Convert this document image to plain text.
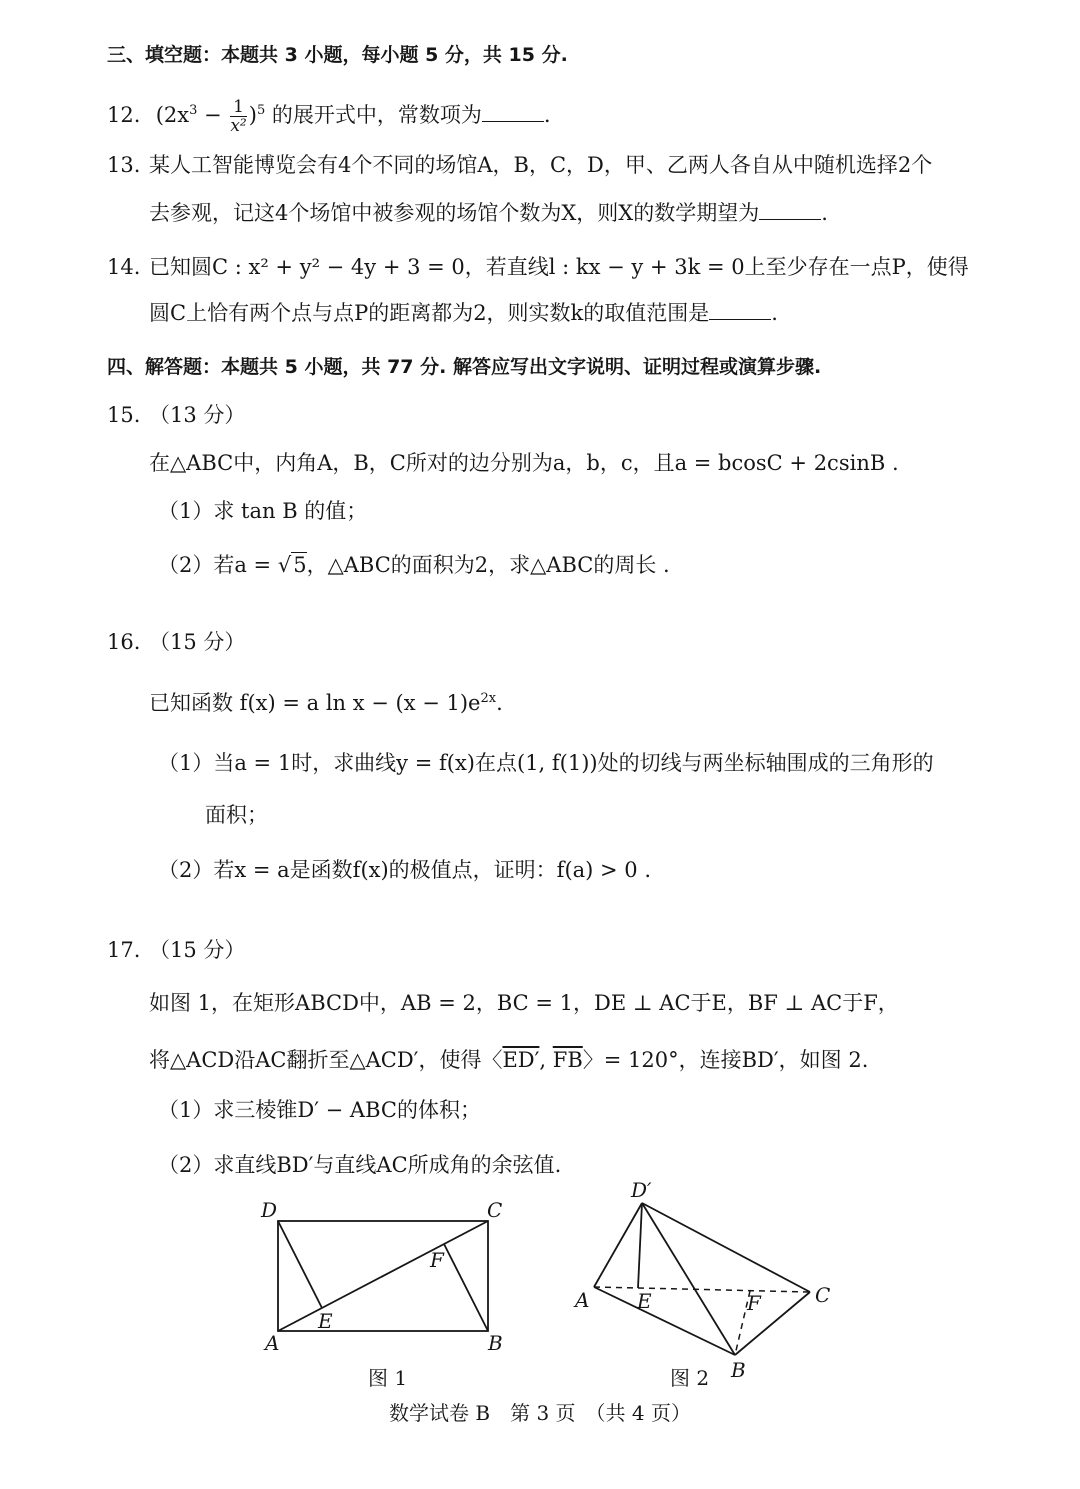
三、填空题：本题共 3 小题，每小题 5 分，共 15 分.
12. $(2x^3 - \frac{1}{\text{x²}} )^5$ 的展开式中，常数项为	.
13. 某人工智能博览会有4个不同的场馆A，B，C，D，甲、乙两人各自从中随机选择2个
去参观，记这4个场馆中被参观的场馆个数为X，则X的数学期望为	.
14. 已知圆C : x² + y² − 4y + 3 = 0，若直线l : kx − y + 3k = 0上至少存在一点P，使得
圆C上恰有两个点与点P的距离都为2，则实数k的取值范围是	.
四、解答题：本题共 5 小题，共 77 分. 解答应写出文字说明、证明过程或演算步骤.
15. （13 分）
在△ABC中，内角A，B，C所对的边分别为a，b，c，且a = bcosC + 2csinB .
（1）求 tan B 的值；
（2）若a = √5，△ABC的面积为2，求△ABC的周长 .
16. （15 分）
已知函数 f(x) = a $\ln x - (x - 1)e^{2x}$.
（1）当a = 1时，求曲线y = f(x)在点(1, f(1))处的切线与两坐标轴围成的三角形的
面积；
（2）若x = a是函数f(x)的极值点，证明：f(a) > 0 .
17. （15 分）
如图 1，在矩形ABCD中，AB = 2，BC = 1，DE ⊥ AC于E，BF ⊥ AC于F，
将△ACD沿AC翻折至△ACD′，使得〈ED′, $\overline{FB}$〉= 120°，连接BD′，如图 2.
（1）求三棱锥D′ − ABC的体积；
（2）求直线BD′与直线AC所成角的余弦值.
D	C
A	B
E
F
图 1
D′
A	C
B
E	F
图 2
数学试卷 B　第 3 页　（共 4 页）
